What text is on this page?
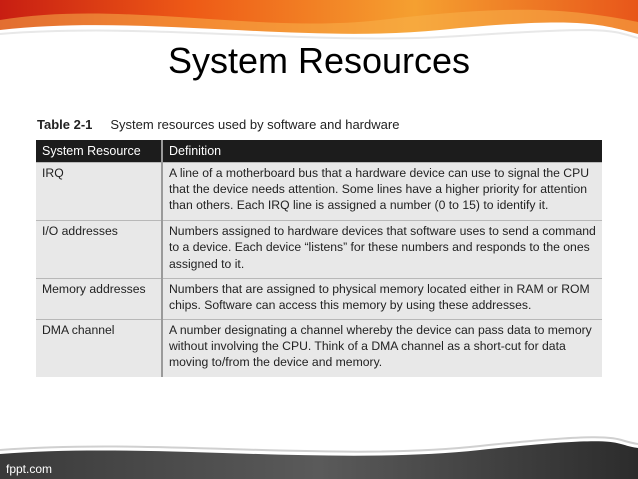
fppt.com
System Resources
Table 2-1 System resources used by software and hardware
System Resource	Definition
IRQ	A line of a motherboard bus that a hardware device can use to signal the CPU that the device needs attention. Some lines have a higher priority for attention than others. Each IRQ line is assigned a number (0 to 15) to identify it.
I/O addresses	Numbers assigned to hardware devices that software uses to send a command to a device. Each device “listens” for these numbers and responds to the ones assigned to it.
Memory addresses	Numbers that are assigned to physical memory located either in RAM or ROM chips. Software can access this memory by using these addresses.
DMA channel	A number designating a channel whereby the device can pass data to memory without involving the CPU. Think of a DMA channel as a short-cut for data moving to/from the device and memory.
